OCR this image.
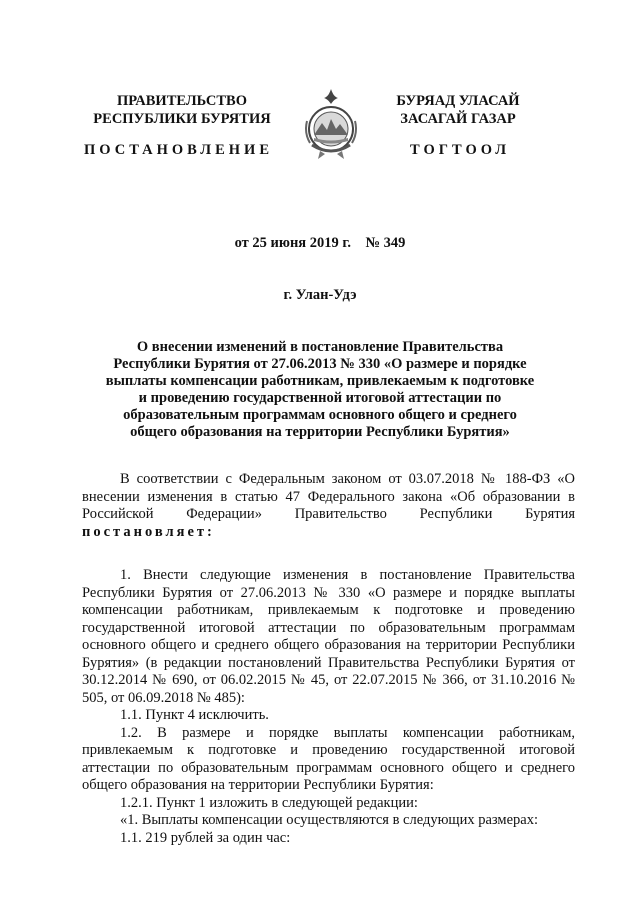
ПРАВИТЕЛЬСТВО
РЕСПУБЛИКИ БУРЯТИЯ
БУРЯАД УЛАСАЙ
ЗАСАГАЙ ГАЗАР
ПОСТАНОВЛЕНИЕ	ТОГТООЛ
от 25 июня 2019 г. № 349
г. Улан-Удэ
О внесении изменений в постановление Правительства Республики Бурятия от 27.06.2013 № 330 «О размере и порядке выплаты компенсации работникам, привлекаемым к подготовке и проведению государственной итоговой аттестации по образовательным программам основного общего и среднего общего образования на территории Республики Бурятия»

В соответствии с Федеральным законом от 03.07.2018 № 188-ФЗ «О внесении изменения в статью 47 Федерального закона «Об образовании в Российской Федерации» Правительство Республики Бурятия постановляет:

1. Внести следующие изменения в постановление Правительства Республики Бурятия от 27.06.2013 № 330 «О размере и порядке выплаты компенсации работникам, привлекаемым к подготовке и проведению государственной итоговой аттестации по образовательным программам основного общего и среднего общего образования на территории Республики Бурятия» (в редакции постановлений Правительства Республики Бурятия от 30.12.2014 № 690, от 06.02.2015 № 45, от 22.07.2015 № 366, от 31.10.2016 № 505, от 06.09.2018 № 485):

1.1. Пункт 4 исключить.

1.2. В размере и порядке выплаты компенсации работникам, привлекаемым к подготовке и проведению государственной итоговой аттестации по образовательным программам основного общего и среднего общего образования на территории Республики Бурятия:

1.2.1. Пункт 1 изложить в следующей редакции:

«1. Выплаты компенсации осуществляются в следующих размерах:

1.1. 219 рублей за один час:
